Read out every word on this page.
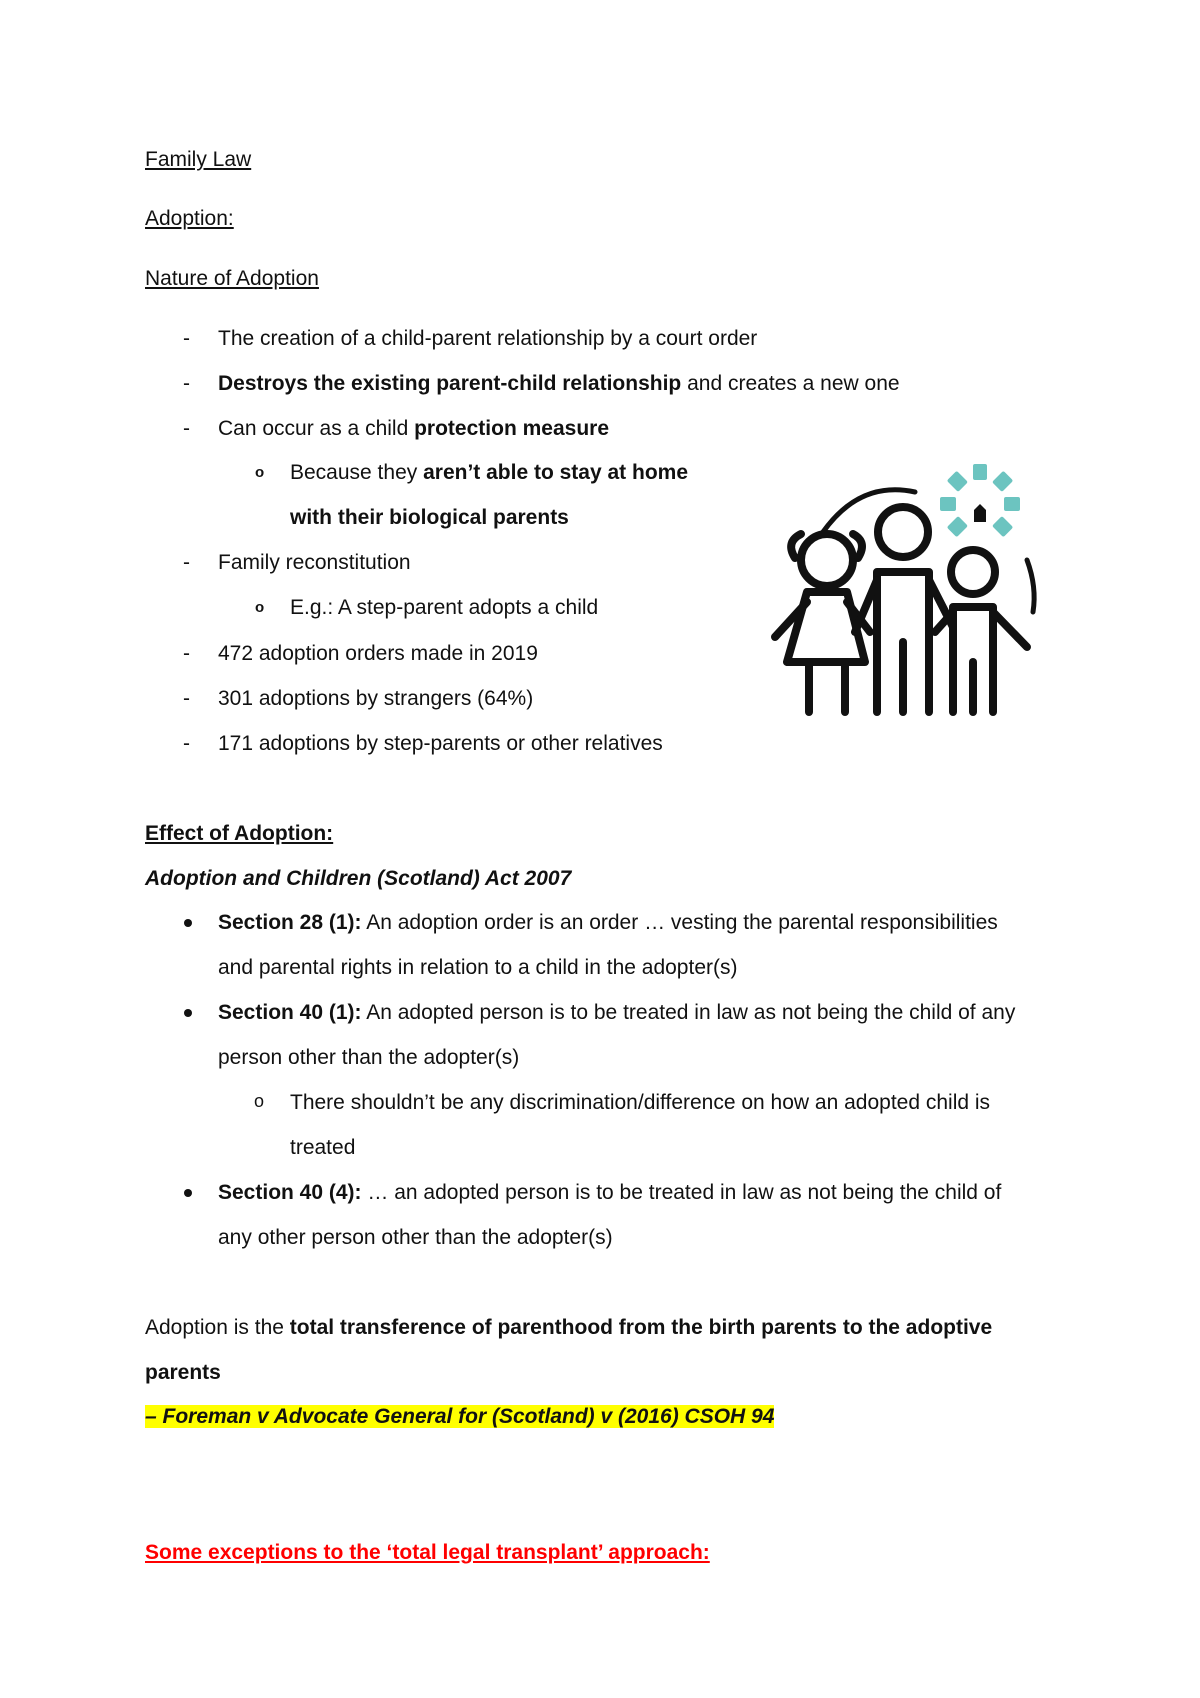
Family Law
Adoption:
Nature of Adoption
- The creation of a child-parent relationship by a court order
- Destroys the existing parent-child relationship and creates a new one
- Can occur as a child protection measure
o Because they aren’t able to stay at home
with their biological parents
- Family reconstitution
o E.g.: A step-parent adopts a child
- 472 adoption orders made in 2019
- 301 adoptions by strangers (64%)
- 171 adoptions by step-parents or other relatives
Effect of Adoption:
Adoption and Children (Scotland) Act 2007
Section 28 (1): An adoption order is an order … vesting the parental responsibilities
and parental rights in relation to a child in the adopter(s)
Section 40 (1): An adopted person is to be treated in law as not being the child of any
person other than the adopter(s)
o There shouldn’t be any discrimination/difference on how an adopted child is
treated
Section 40 (4): … an adopted person is to be treated in law as not being the child of
any other person other than the adopter(s)
Adoption is the total transference of parenthood from the birth parents to the adoptive
parents
– Foreman v Advocate General for (Scotland) v (2016) CSOH 94
Some exceptions to the ‘total legal transplant’ approach:
